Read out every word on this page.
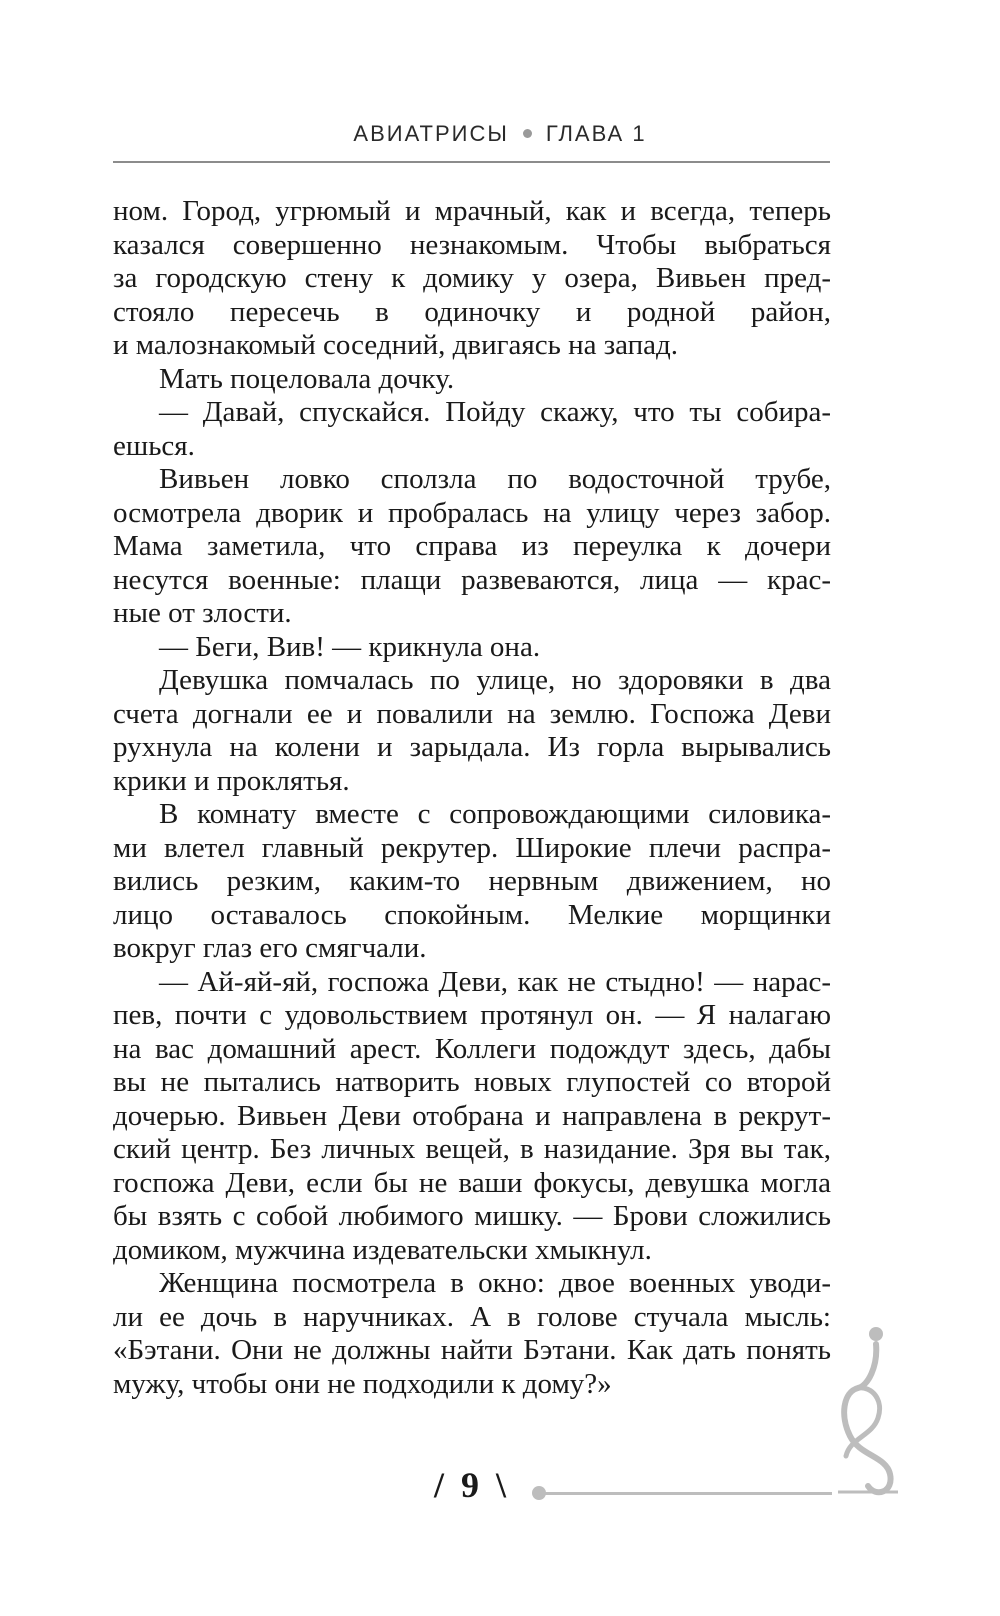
АВИАТРИСЫ ГЛАВА 1
ном. Город, угрюмый и мрачный, как и всегда, теперь
казался совершенно незнакомым. Чтобы выбраться
за городскую стену к домику у озера, Вивьен пред-
стояло пересечь в одиночку и родной район,
и малознакомый соседний, двигаясь на запад.
Мать поцеловала дочку.
— Давай, спускайся. Пойду скажу, что ты собира-
ешься.
Вивьен ловко сползла по водосточной трубе,
осмотрела дворик и пробралась на улицу через забор.
Мама заметила, что справа из переулка к дочери
несутся военные: плащи развеваются, лица — крас-
ные от злости.
— Беги, Вив! — крикнула она.
Девушка помчалась по улице, но здоровяки в два
счета догнали ее и повалили на землю. Госпожа Деви
рухнула на колени и зарыдала. Из горла вырывались
крики и проклятья.
В комнату вместе с сопровождающими силовика-
ми влетел главный рекрутер. Широкие плечи распра-
вились резким, каким-то нервным движением, но
лицо оставалось спокойным. Мелкие морщинки
вокруг глаз его смягчали.
— Ай-яй-яй, госпожа Деви, как не стыдно! — нарас-
пев, почти с удовольствием протянул он. — Я налагаю
на вас домашний арест. Коллеги подождут здесь, дабы
вы не пытались натворить новых глупостей со второй
дочерью. Вивьен Деви отобрана и направлена в рекрут-
ский центр. Без личных вещей, в назидание. Зря вы так,
госпожа Деви, если бы не ваши фокусы, девушка могла
бы взять с собой любимого мишку. — Брови сложились
домиком, мужчина издевательски хмыкнул.
Женщина посмотрела в окно: двое военных уводи-
ли ее дочь в наручниках. А в голове стучала мысль:
«Бэтани. Они не должны найти Бэтани. Как дать понять
мужу, чтобы они не подходили к дому?»
/ 9 \
